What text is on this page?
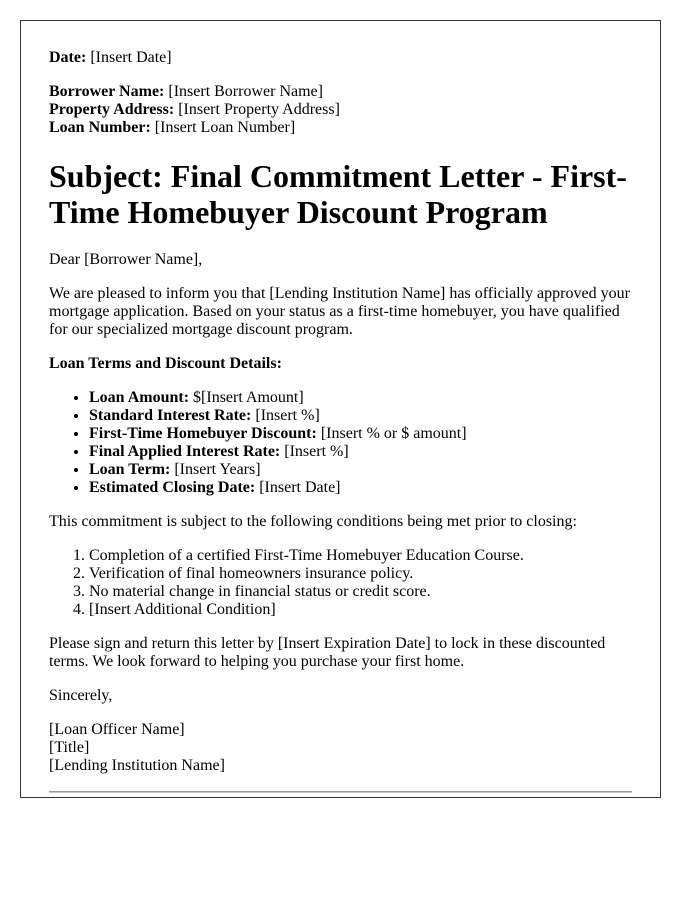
Date: [Insert Date]

Borrower Name: [Insert Borrower Name]
Property Address: [Insert Property Address]
Loan Number: [Insert Loan Number]

Subject: Final Commitment Letter - First-Time Homebuyer Discount Program

Dear [Borrower Name],

We are pleased to inform you that [Lending Institution Name] has officially approved your mortgage application. Based on your status as a first-time homebuyer, you have qualified for our specialized mortgage discount program.

Loan Terms and Discount Details:

• Loan Amount: $[Insert Amount]
• Standard Interest Rate: [Insert %]
• First-Time Homebuyer Discount: [Insert % or $ amount]
• Final Applied Interest Rate: [Insert %]
• Loan Term: [Insert Years]
• Estimated Closing Date: [Insert Date]

This commitment is subject to the following conditions being met prior to closing:

1. Completion of a certified First-Time Homebuyer Education Course.
2. Verification of final homeowners insurance policy.
3. No material change in financial status or credit score.
4. [Insert Additional Condition]

Please sign and return this letter by [Insert Expiration Date] to lock in these discounted terms. We look forward to helping you purchase your first home.

Sincerely,

[Loan Officer Name]
[Title]
[Lending Institution Name]
